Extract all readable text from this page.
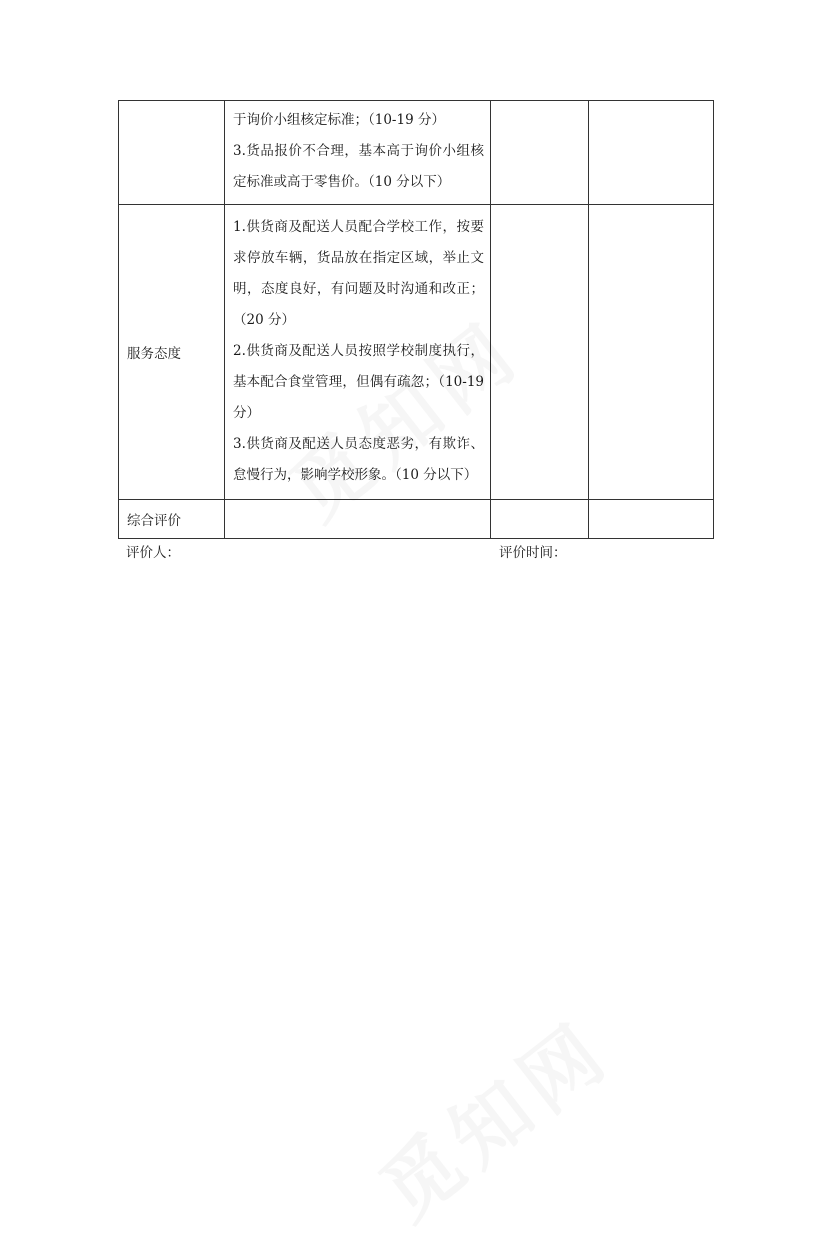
	于询价小组核定标准；（10-19 分）

3.货品报价不合理，基本高于询价小组核定标准或高于零售价。（10 分以下）		

服务态度	1.供货商及配送人员配合学校工作，按要求停放车辆，货品放在指定区域，举止文明，态度良好，有问题及时沟通和改正；（20 分）

2.供货商及配送人员按照学校制度执行，基本配合食堂管理，但偶有疏忽；（10-19 分）

3.供货商及配送人员态度恶劣，有欺诈、怠慢行为，影响学校形象。（10 分以下）		

综合评价			
评价人：	评价时间：
